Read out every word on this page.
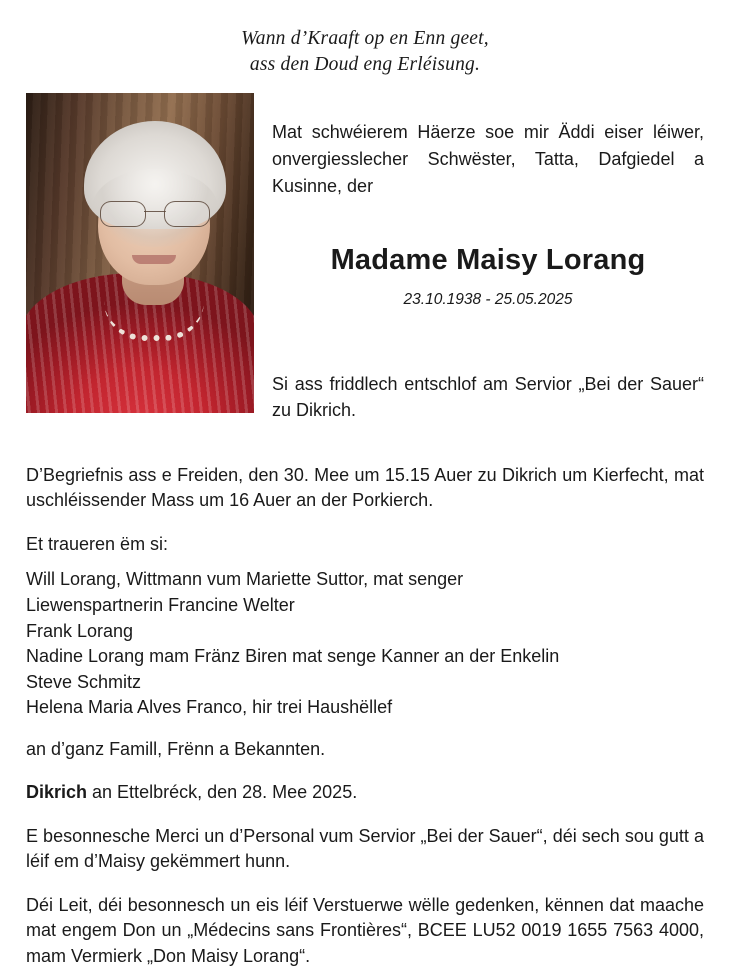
Wann d’Kraaft op en Enn geet,
ass den Doud eng Erléisung.

Mat schwéierem Häerze soe mir Äddi eiser léiwer, onvergiesslecher Schwëster, Tatta, Dafgiedel a Kusinne, der

Madame Maisy Lorang
23.10.1938 - 25.05.2025

Si ass friddlech entschlof am Servior „Bei der Sauer“ zu Dikrich.

D’Begriefnis ass e Freiden, den 30. Mee um 15.15 Auer zu Dikrich um Kierfecht, mat uschléissender Mass um 16 Auer an der Porkierch.

Et traueren ëm si:

Will Lorang, Wittmann vum Mariette Suttor, mat senger
Liewenspartnerin Francine Welter
Frank Lorang
Nadine Lorang mam Fränz Biren mat senge Kanner an der Enkelin
Steve Schmitz
Helena Maria Alves Franco, hir trei Haushëllef

an d’ganz Famill, Frënn a Bekannten.

Dikrich an Ettelbréck, den 28. Mee 2025.

E besonnesche Merci un d’Personal vum Servior „Bei der Sauer“, déi sech sou gutt a léif em d’Maisy gekëmmert hunn.

Déi Leit, déi besonnesch un eis léif Verstuerwe wëlle gedenken, kënnen dat maache mat engem Don un „Médecins sans Frontières“, BCEE LU52 0019 1655 7563 4000, mam Vermierk „Don Maisy Lorang“.
